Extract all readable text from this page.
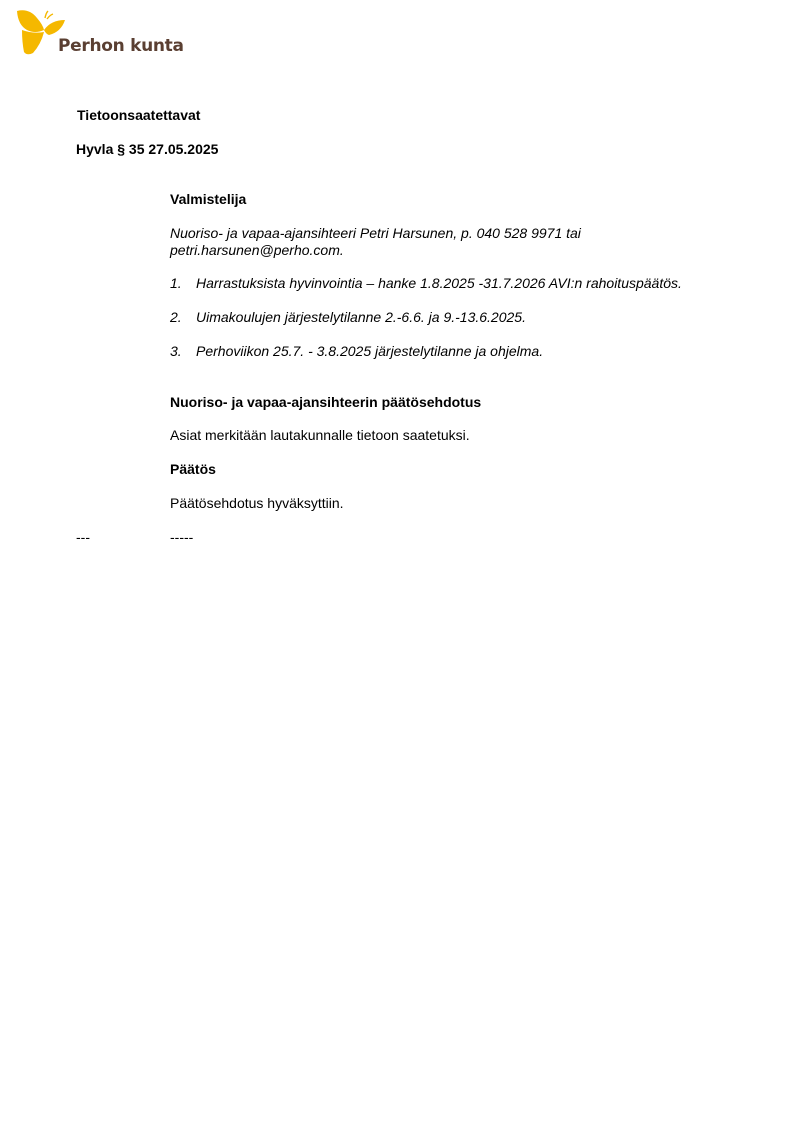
Perhon kunta
Tietoonsaatettavat
Hyvla § 35 27.05.2025
Valmistelija
Nuoriso- ja vapaa-ajansihteeri Petri Harsunen, p. 040 528 9971 tai
petri.harsunen@perho.com.
1. Harrastuksista hyvinvointia – hanke 1.8.2025 -31.7.2026 AVI:n rahoituspäätös.
2. Uimakoulujen järjestelytilanne 2.-6.6. ja 9.-13.6.2025.
3. Perhoviikon 25.7. - 3.8.2025 järjestelytilanne ja ohjelma.
Nuoriso- ja vapaa-ajansihteerin päätösehdotus
Asiat merkitään lautakunnalle tietoon saatetuksi.
Päätös
Päätösehdotus hyväksyttiin.
---	-----
